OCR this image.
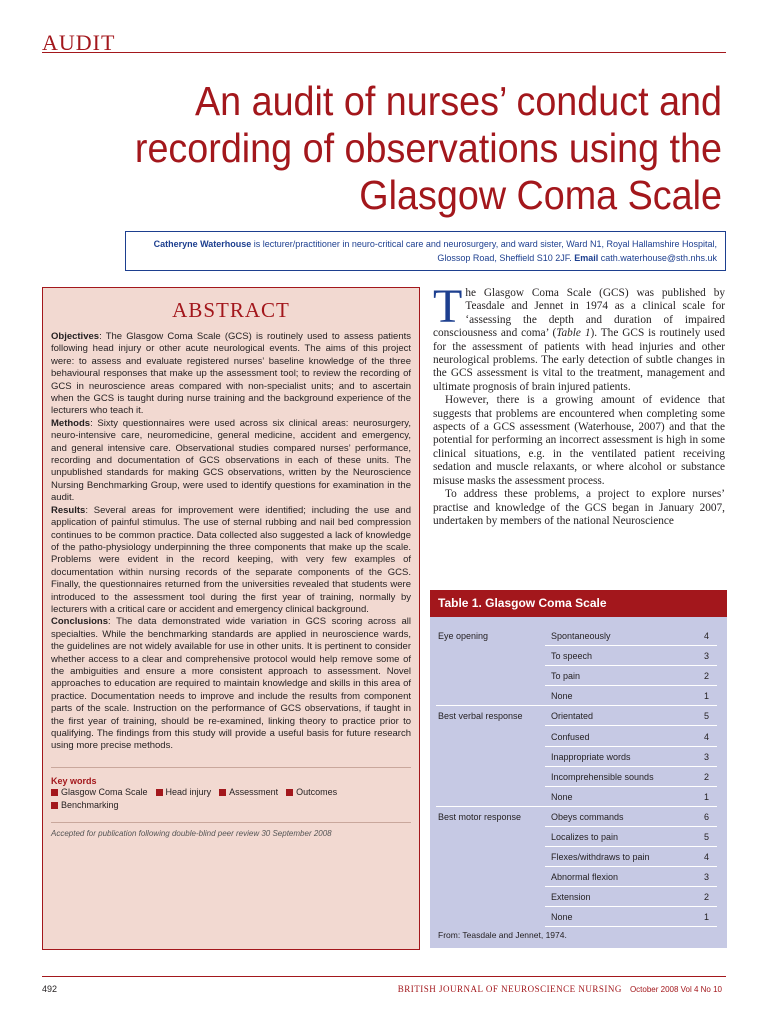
AUDIT
An audit of nurses’ conduct and recording of observations using the Glasgow Coma Scale
Catheryne Waterhouse is lecturer/practitioner in neuro-critical care and neurosurgery, and ward sister, Ward N1, Royal Hallamshire Hospital, Glossop Road, Sheffield S10 2JF. Email cath.waterhouse@sth.nhs.uk
ABSTRACT

Objectives: The Glasgow Coma Scale (GCS) is routinely used to assess patients following head injury or other acute neurological events. The aims of this project were: to assess and evaluate registered nurses’ baseline knowledge of the three behavioural responses that make up the assessment tool; to review the recording of GCS in neuroscience areas compared with non-specialist units; and to ascertain when the GCS is taught during nurse training and the background experience of the lecturers who teach it.

Methods: Sixty questionnaires were used across six clinical areas: neurosurgery, neuro-intensive care, neuromedicine, general medicine, accident and emergency, and general intensive care. Observational studies compared nurses’ performance, recording and documentation of GCS observations in each of these units. The unpublished standards for making GCS observations, written by the Neuroscience Nursing Benchmarking Group, were used to identify questions for examination in the audit.

Results: Several areas for improvement were identified; including the use and application of painful stimulus. The use of sternal rubbing and nail bed compression continues to be common practice. Data collected also suggested a lack of knowledge of the patho-physiology underpinning the three components that make up the scale. Problems were evident in the record keeping, with very few examples of documentation within nursing records of the separate components of the GCS. Finally, the questionnaires returned from the universities revealed that students were introduced to the assessment tool during the first year of training, normally by lecturers with a critical care or accident and emergency clinical background.

Conclusions: The data demonstrated wide variation in GCS scoring across all specialties. While the benchmarking standards are applied in neuroscience wards, the guidelines are not widely available for use in other units. It is pertinent to consider whether access to a clear and comprehensive protocol would help remove some of the ambiguities and ensure a more consistent approach to assessment. Novel approaches to education are required to maintain knowledge and skills in this area of practice. Documentation needs to improve and include the results from component parts of the scale. Instruction on the performance of GCS observations, if taught in the first year of training, should be re-examined, linking theory to practice prior to qualifying. The findings from this study will provide a useful basis for future research using more precise methods.

Key words
Glasgow Coma Scale Head injury Assessment Outcomes
Benchmarking
Accepted for publication following double-blind peer review 30 September 2008

The Glasgow Coma Scale (GCS) was published by Teasdale and Jennet in 1974 as a clinical scale for ‘assessing the depth and duration of impaired consciousness and coma’ (Table 1). The GCS is routinely used for the assessment of patients with head injuries and other neurological problems. The early detection of subtle changes in the GCS assessment is vital to the treatment, management and ultimate prognosis of brain injured patients.

However, there is a growing amount of evidence that suggests that problems are encountered when completing some aspects of a GCS assessment (Waterhouse, 2007) and that the potential for performing an incorrect assessment is high in some clinical situations, e.g. in the ventilated patient receiving sedation and muscle relaxants, or where alcohol or substance misuse masks the assessment process.

To address these problems, a project to explore nurses’ practise and knowledge of the GCS began in January 2007, undertaken by members of the national Neuroscience

Table 1. Glasgow Coma Scale
Eye opening	Spontaneously	4
To speech	3
To pain	2
None	1
Best verbal response	Orientated	5
Confused	4
Inappropriate words	3
Incomprehensible sounds	2
None	1
Best motor response	Obeys commands	6
Localizes to pain	5
Flexes/withdraws to pain	4
Abnormal flexion	3
Extension	2
None	1
From: Teasdale and Jennet, 1974.
492	BRITISH JOURNAL OF NEUROSCIENCE NURSING October 2008 Vol 4 No 10
